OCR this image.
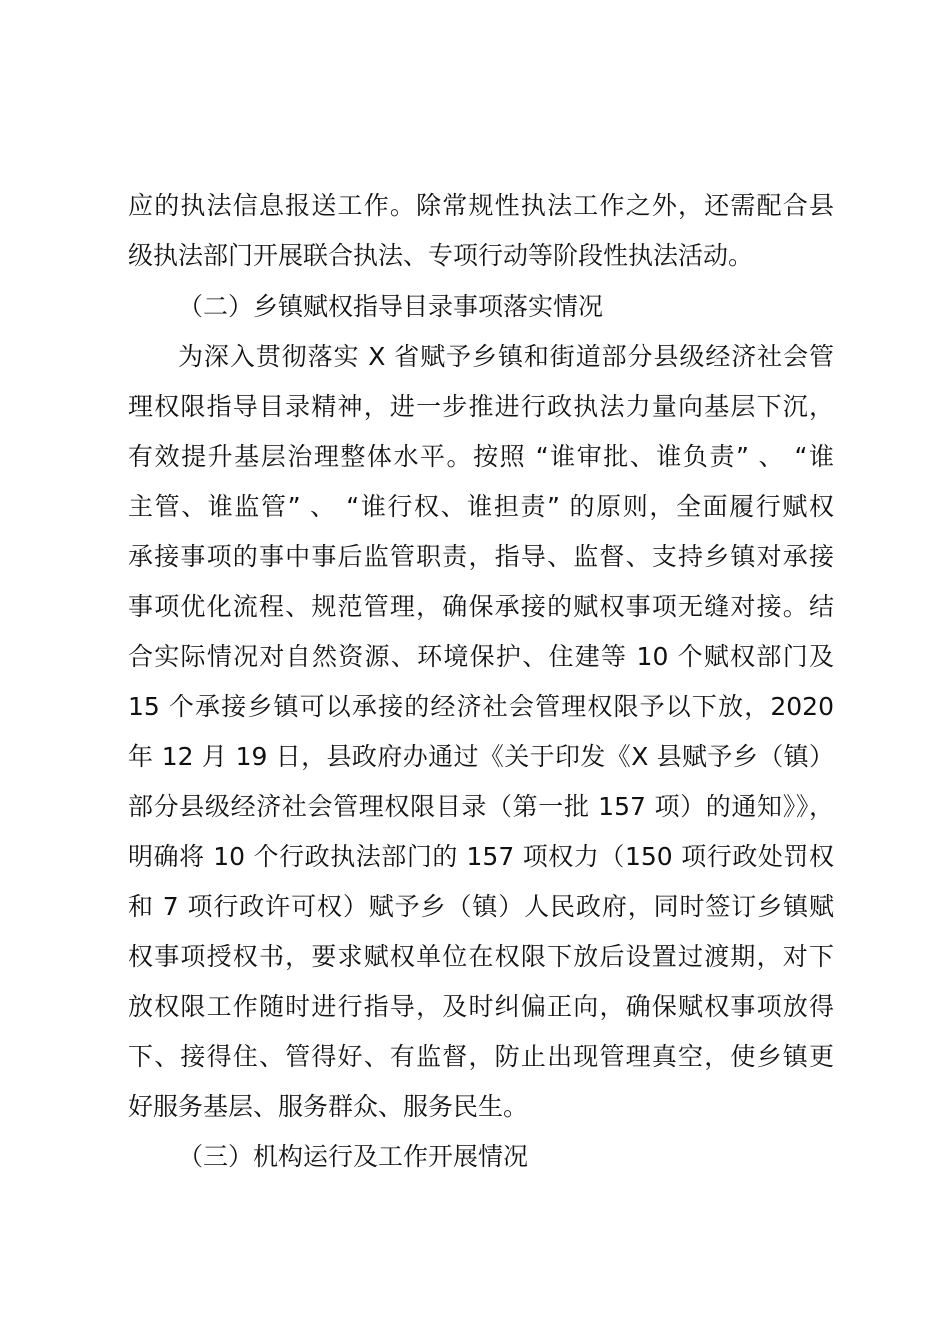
应的执法信息报送工作。除常规性执法工作之外，还需配合县
级执法部门开展联合执法、专项行动等阶段性执法活动。
（二）乡镇赋权指导目录事项落实情况
为深入贯彻落实 X 省赋予乡镇和街道部分县级经济社会管
理权限指导目录精神，进一步推进行政执法力量向基层下沉，
有效提升基层治理整体水平。按照 “谁审批、谁负责” 、 “谁
主管、谁监管” 、 “谁行权、谁担责” 的原则，全面履行赋权
承接事项的事中事后监管职责，指导、监督、支持乡镇对承接
事项优化流程、规范管理，确保承接的赋权事项无缝对接。结
合实际情况对自然资源、环境保护、住建等 10 个赋权部门及
15 个承接乡镇可以承接的经济社会管理权限予以下放，2020
年 12 月 19 日，县政府办通过《关于印发《X 县赋予乡（镇）
部分县级经济社会管理权限目录（第一批 157 项）的通知》》，
明确将 10 个行政执法部门的 157 项权力（150 项行政处罚权
和 7 项行政许可权）赋予乡（镇）人民政府，同时签订乡镇赋
权事项授权书，要求赋权单位在权限下放后设置过渡期，对下
放权限工作随时进行指导，及时纠偏正向，确保赋权事项放得
下、接得住、管得好、有监督，防止出现管理真空，使乡镇更
好服务基层、服务群众、服务民生。
（三）机构运行及工作开展情况
